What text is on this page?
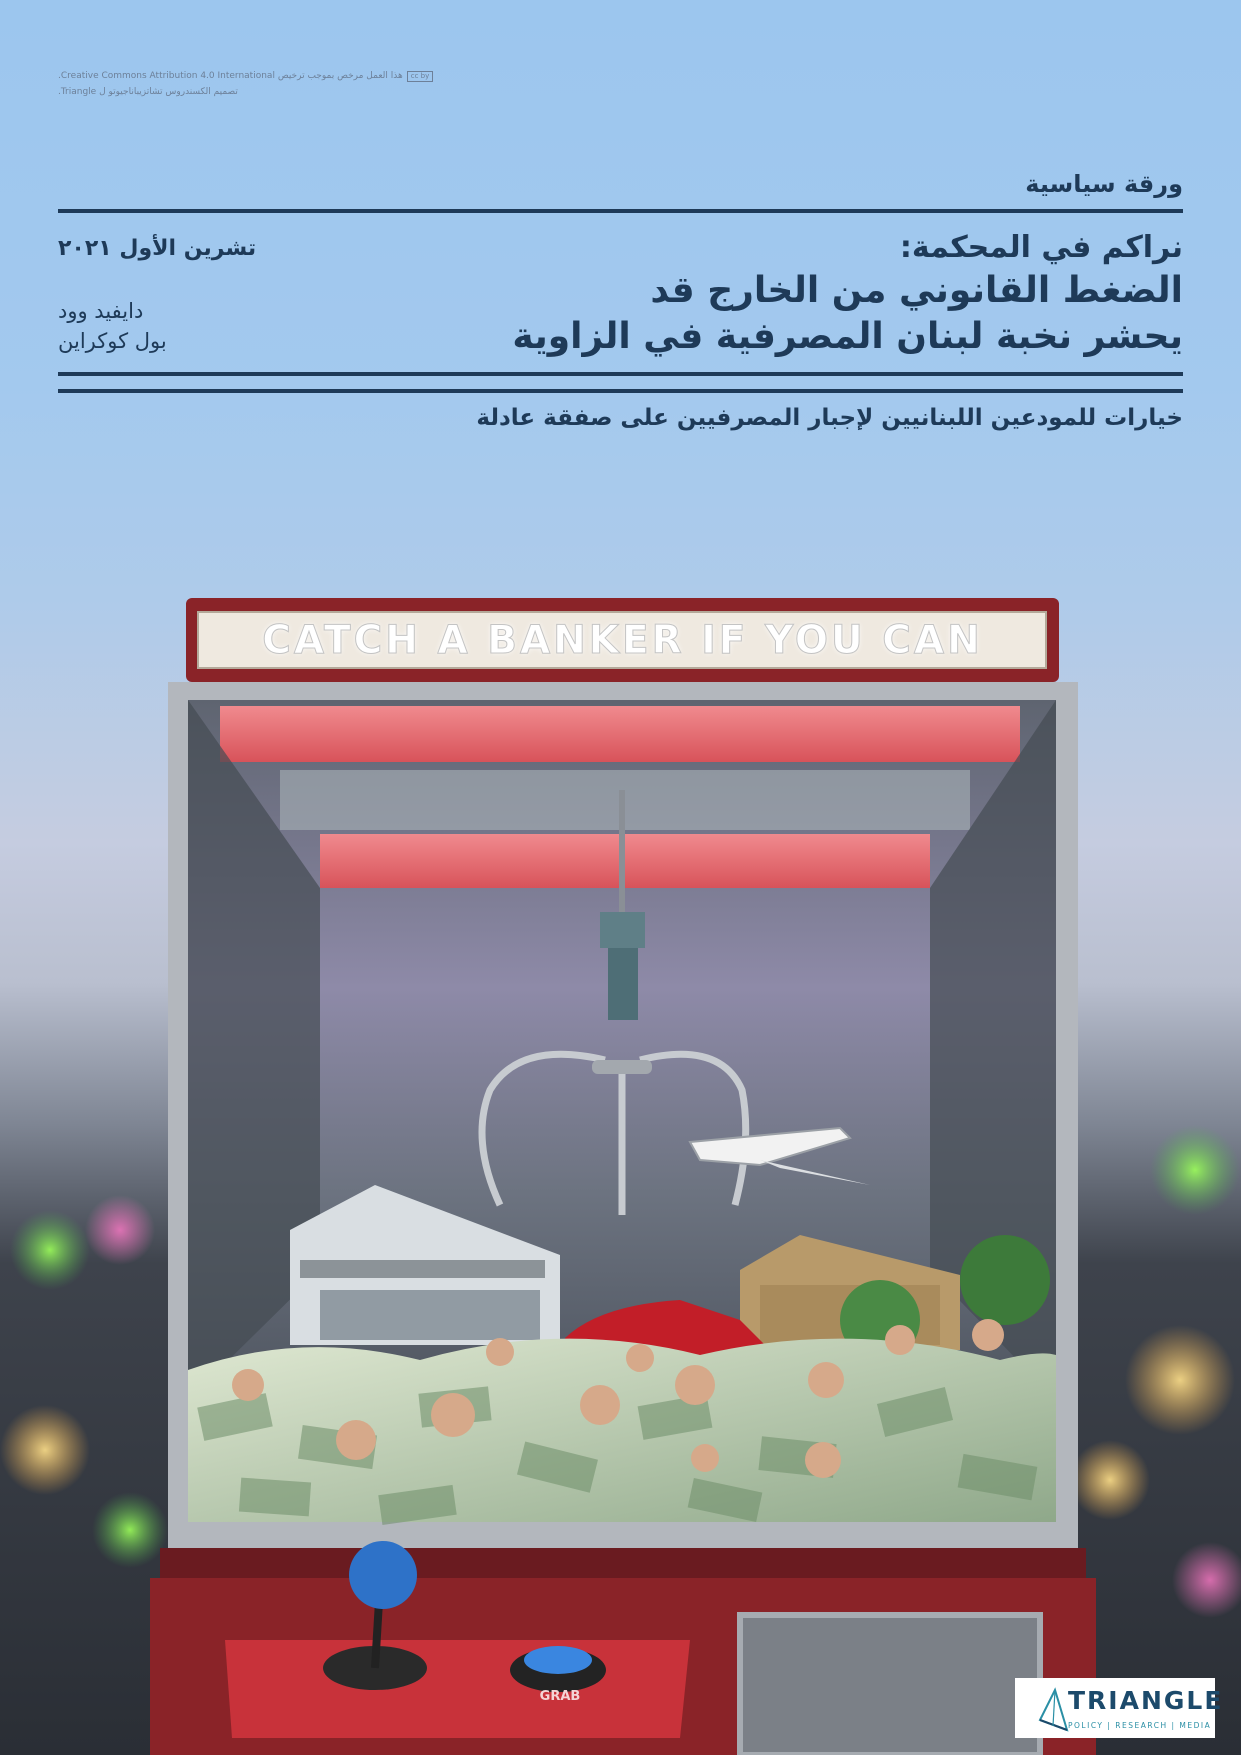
cc byهذا العمل مرخص بموجب ترخيص Creative Commons Attribution 4.0 International.
تصميم الكسندروس تشاتزيباناجيوتو ل Triangle.
ورقة سياسية
نراكم في المحكمة:
الضغط القانوني من الخارج قد
يحشر نخبة لبنان المصرفية في الزاوية
تشرين الأول ٢٠٢١
دايفيد وود
بول كوكراين
خيارات للمودعين اللبنانيين لإجبار المصرفيين على صفقة عادلة
GRAB
CATCH A BANKER IF YOU CAN
TRIANGLE
POLICY | RESEARCH | MEDIA
